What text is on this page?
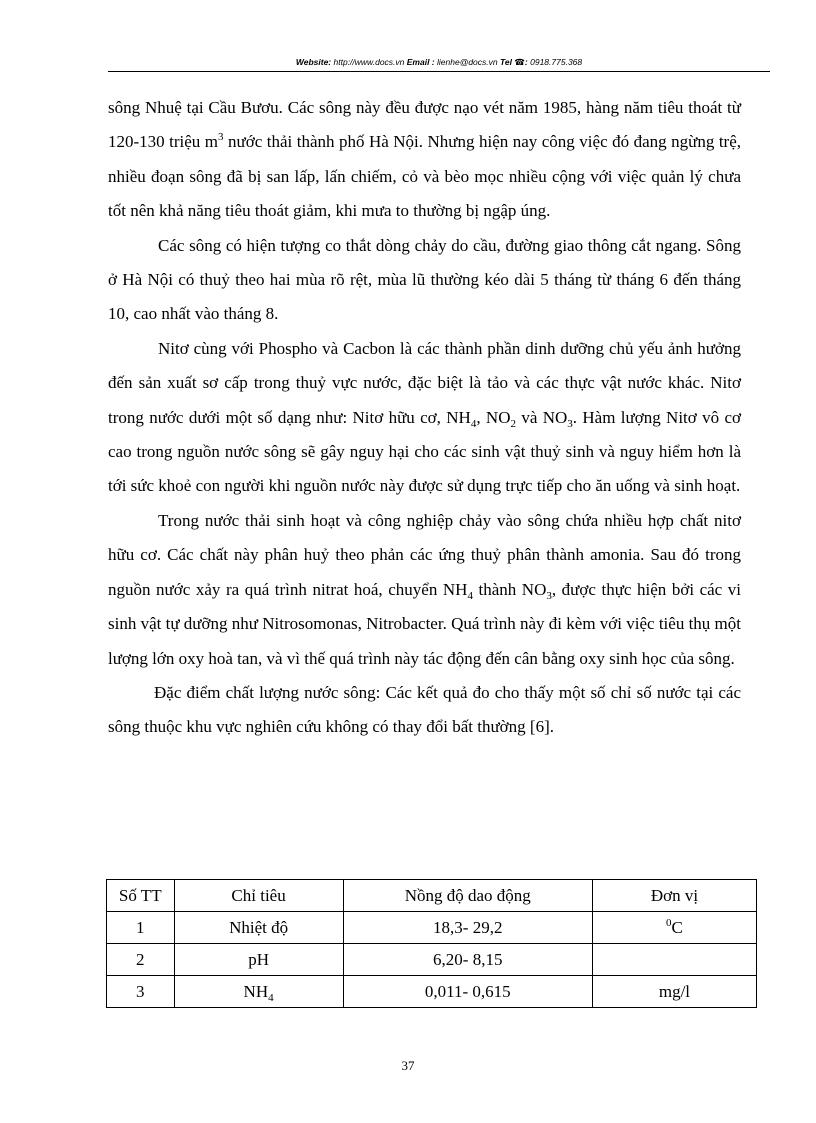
Website: http://www.docs.vn Email : lienhe@docs.vn Tel ☎: 0918.775.368

sông Nhuệ tại Cầu Bươu. Các sông này đều được nạo vét năm 1985, hàng năm tiêu thoát từ 120-130 triệu $m^3$ nước thải thành phố Hà Nội. Nhưng hiện nay công việc đó đang ngừng trệ, nhiều đoạn sông đã bị san lấp, lấn chiếm, cỏ và bèo mọc nhiều cộng với việc quản lý chưa tốt nên khả năng tiêu thoát giảm, khi mưa to thường bị ngập úng.

Các sông có hiện tượng co thắt dòng chảy do cầu, đường giao thông cắt ngang. Sông ở Hà Nội có thuỷ theo hai mùa rõ rệt, mùa lũ thường kéo dài 5 tháng từ tháng 6 đến tháng 10, cao nhất vào tháng 8.

Nitơ cùng với Phospho và Cacbon là các thành phần dinh dưỡng chủ yếu ảnh hưởng đến sản xuất sơ cấp trong thuỷ vực nước, đặc biệt là tảo và các thực vật nước khác. Nitơ trong nước dưới một số dạng như: Nitơ hữu cơ, $NH_4$, $NO_2$ và $NO_3$. Hàm lượng Nitơ vô cơ cao trong nguồn nước sông sẽ gây nguy hại cho các sinh vật thuỷ sinh và nguy hiểm hơn là tới sức khoẻ con người khi nguồn nước này được sử dụng trực tiếp cho ăn uống và sinh hoạt.

Trong nước thải sinh hoạt và công nghiệp chảy vào sông chứa nhiều hợp chất nitơ hữu cơ. Các chất này phân huỷ theo phản các ứng thuỷ phân thành amonia. Sau đó trong nguồn nước xảy ra quá trình nitrat hoá, chuyển $NH_4$ thành $NO_3$, được thực hiện bởi các vi sinh vật tự dưỡng như Nitrosomonas, Nitrobacter. Quá trình này đi kèm với việc tiêu thụ một lượng lớn oxy hoà tan, và vì thế quá trình này tác động đến cân bằng oxy sinh học của sông.

Đặc điểm chất lượng nước sông: Các kết quả đo cho thấy một số chỉ số nước tại các sông thuộc khu vực nghiên cứu không có thay đổi bất thường [6].

Số TT	Chỉ tiêu	Nồng độ dao động	Đơn vị
1	Nhiệt độ	18,3- 29,2	$^0$C
2	pH	6,20- 8,15	
3	$NH_4$	0,011- 0,615	mg/l
37
